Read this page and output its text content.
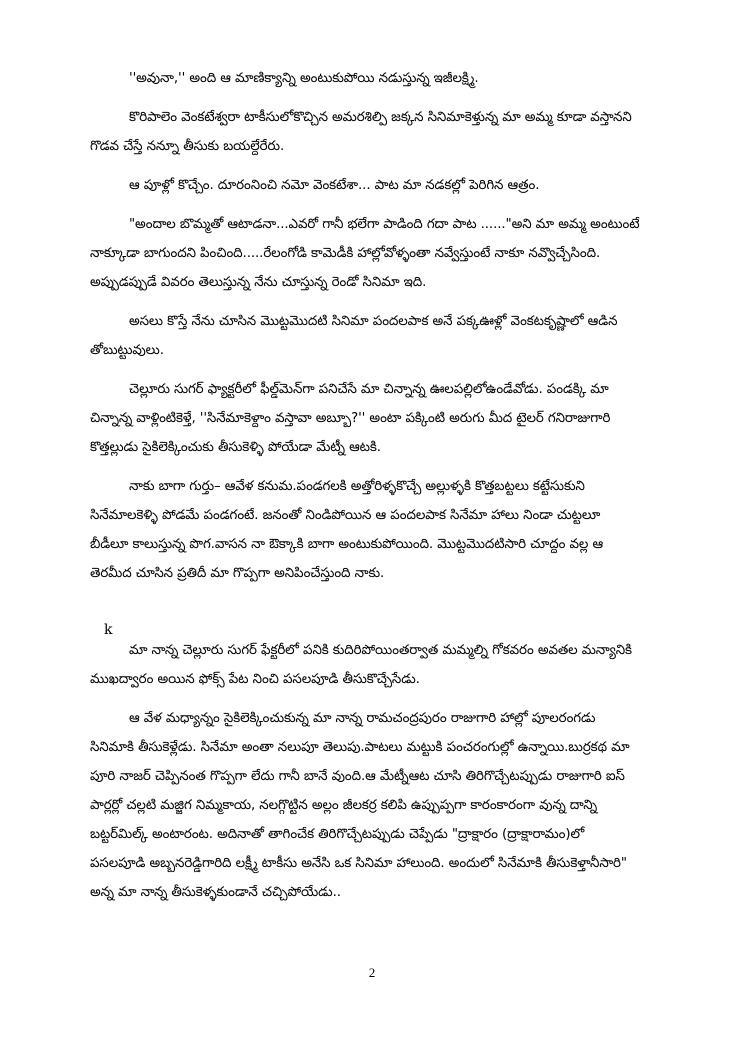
''అవునా,'' అంది ఆ మాణిక్యాన్ని అంటుకుపోయి నడుస్తున్న ఇజీలక్ష్మి.

కొరిపాలెం వెంకటేశ్వరా టాకీసులోకొచ్చిన అమరశిల్పి జక్కన సినిమాకెళ్తున్న మా అమ్మ కూడా వస్తానని
గొడవ చేస్తే నన్నూ తీసుకు బయల్దేరేరు.

ఆ పూళ్లో కొచ్చేం. దూరంనించి నమో వెంకటేశా... పాట మా నడకల్లో పెరిగిన ఆత్రం.

"అందాల బొమ్మతో ఆటాడనా...ఎవరో గానీ భలేగా పాడింది గదా పాట ......"అని మా అమ్మ అంటుంటే
నాక్కూడా బాగుందని పించింది.....రేలంగోడి కామెడీకి హాల్లోవోళ్ళంతా నవ్వేస్తుంటే నాకూ నవ్వొచ్చేసింది.
అప్పుడప్పుడే వివరం తెలుస్తున్న నేను చూస్తున్న రెండో సినిమా ఇది.

అసలు కొస్తే నేను చూసిన మొట్టమొదటి సినిమా పందలపాక అనే పక్కఊళ్లో వెంకటకృష్ణాలో ఆడిన
తోబుట్టువులు.

చెల్లూరు సుగర్ ఫ్యాక్టరీలో ఫీల్డ్‌మెన్‌గా పనిచేసే మా చిన్నాన్న ఊలపల్లిలోఉండేవోడు. పండక్కి మా
చిన్నాన్న వాళ్లింటికెళ్తే, ''సినేమాకెళ్దాం వస్తావా అబ్బూ?'' అంటా పక్కింటి అరుగు మీద టైలర్ గనిరాజుగారి
కొత్తల్లుడు సైకిలెక్కించుకు తీసుకెళ్ళి పోయేడా మేట్నీ ఆటకి.

నాకు బాగా గుర్తు– ఆవేళ కనుమ.పండగలకి అత్తోరిళ్ళకొచ్చే అల్లుళ్ళకి కొత్తబట్టలు కట్టేసుకుని
సినేమాలకెళ్ళి పోడమే పండగంటే. జనంతో నిండిపోయిన ఆ పందలపాక సినేమా హాలు నిండా చుట్టలూ
బీడీలూ కాలుస్తున్న పొగ.వాసన నా ఔక్కాకి బాగా అంటుకుపోయింది. మొట్టమొదటిసారి చూద్దం వల్ల ఆ
తెరమీద చూసిన ప్రతిదీ మా గొప్పగా అనిపించేస్తుంది నాకు.

మా నాన్న చెల్లూరు సుగర్ ఫేక్టరీలో పనికి కుదిరిపోయింతర్వాత మమ్మల్ని గోకవరం అవతల మన్యానికి
ముఖద్వారం అయిన ఫోక్స్ పేట నించి పసలపూడి తీసుకొచ్చేసేడు.

ఆ వేళ మధ్యాన్నం సైకిలెక్కించుకున్న మా నాన్న రామచంద్రపురం రాజుగారి హాల్లో పూలరంగడు
సినిమాకి తీసుకెళ్లేడు. సినేమా అంతా నలుపూ తెలుపు.పాటలు మట్టుకి పంచరంగుల్లో ఉన్నాయి.బుర్రకథ మా
పూరి నాజర్ చెప్పినంత గొప్పగా లేదు గానీ బానే వుంది.ఆ మేట్నీఆట చూసి తిరిగొచ్చేటప్పుడు రాజుగారి ఐస్
పార్లర్లో చల్లటి మజ్జిగ నిమ్మకాయ, నలగ్గొట్టిన అల్లం జీలకర్ర కలిపి ఉప్పుప్పగా కారంకారంగా వున్న దాన్ని
బట్టర్‌మిల్క్ అంటారంట. అదినాతో తాగించేక తిరిగొచ్చేటప్పుడు చెప్పేడు "ద్రాక్షారం (ద్రాక్షారామం)లో
పసలపూడి అబ్బనరెడ్డిగారిది లక్ష్మీ టాకీసు అనేసి ఒక సినిమా హాలుంది. అందులో సినేమాకి తీసుకెళ్తానీసారి"
అన్న మా నాన్న తీసుకెళ్ళకుండానే చచ్చిపోయేడు..

k
2
